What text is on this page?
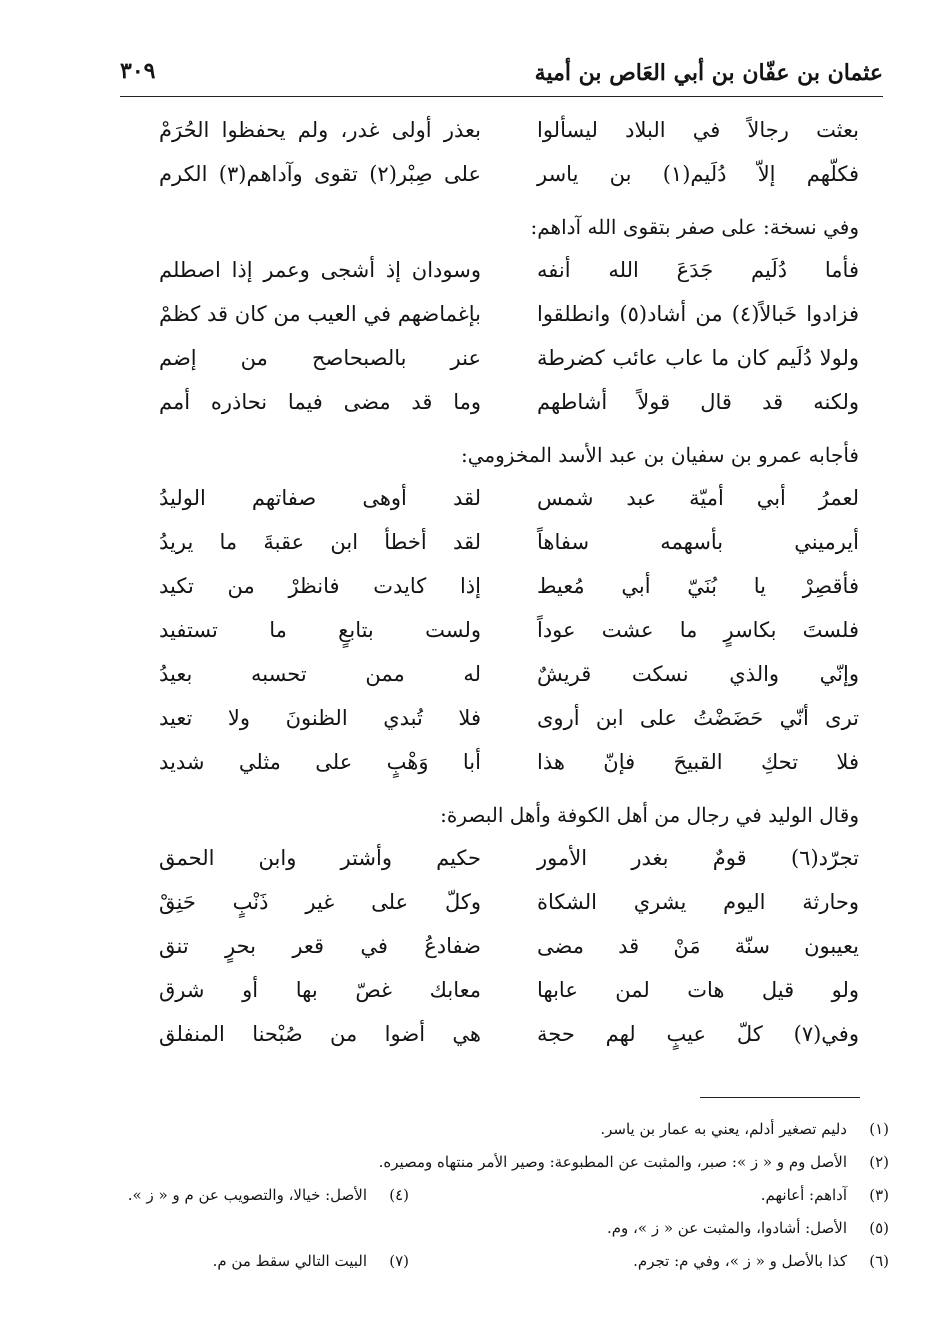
عثمان بن عفّان بن أبي العَاص بن أمية
٣٠٩
بعثت رجالاً في البلاد ليسألوا
بعذر أولى غدر، ولم يحفظوا الحُرَمْ
فكلّهم إلاّ دُلَيم(١) بن ياسر
على صِبْر(٢) تقوى وآداهم(٣) الكرم
وفي نسخة: على صفر بتقوى الله آداهم:
فأما دُلَيم جَدَعَ الله أنفه
وسودان إذ أشجى وعمر إذا اصطلم
فزادوا خَبالاً(٤) من أشاد(٥) وانطلقوا
بإغماضهم في العيب من كان قد كظمْ
ولولا دُلَيم كان ما عاب عائب كضرطة
عنر بالصبحاصح من إضم
ولكنه قد قال قولاً أشاطهم
وما قد مضى فيما نحاذره أمم
فأجابه عمرو بن سفيان بن عبد الأسد المخزومي:
لعمرُ أبي أميّة عبد شمس
لقد أوهى صفاتهم الوليدُ
أيرميني بأسهمه سفاهاً
لقد أخطأ ابن عقبةَ ما يريدُ
فأقصِرْ يا بُنَيّ أبي مُعيط
إذا كايدت فانظرْ من تكيد
فلستَ بكاسرٍ ما عشت عوداً
ولست بتابعٍ ما تستفيد
وإنّي والذي نسكت قريشٌ
له ممن تحسبه بعيدُ
ترى أنّي حَضَضْتُ على ابن أروى
فلا تُبدي الظنونَ ولا تعيد
فلا تحكِ القبيحَ فإنّ هذا
أبا وَهْبٍ على مثلي شديد
وقال الوليد في رجال من أهل الكوفة وأهل البصرة:
تجرّد(٦) قومٌ بغدر الأمور
حكيم وأشتر وابن الحمق
وحارثة اليوم يشري الشكاة
وكلّ على غير ذَنْبٍ حَنِقْ
يعيبون سنّة مَنْ قد مضى
ضفادعُ في قعر بحرٍ تنق
ولو قيل هات لمن عابها
معابك غصّ بها أو شرق
وفي(٧) كلّ عيبٍ لهم حجة
هي أضوا من صُبْحنا المنفلق
(١)دليم تصغير أدلم، يعني به عمار بن ياسر.
(٢)الأصل وم و « ز »: صبر، والمثبت عن المطبوعة: وصير الأمر منتهاه ومصيره.
(٣)آداهم: أعانهم.
(٤)الأصل: خيالا، والتصويب عن م و « ز ».
(٥)الأصل: أشادوا، والمثبت عن « ز »، وم.
(٦)كذا بالأصل و « ز »، وفي م: تجرم.
(٧)البيت التالي سقط من م.
